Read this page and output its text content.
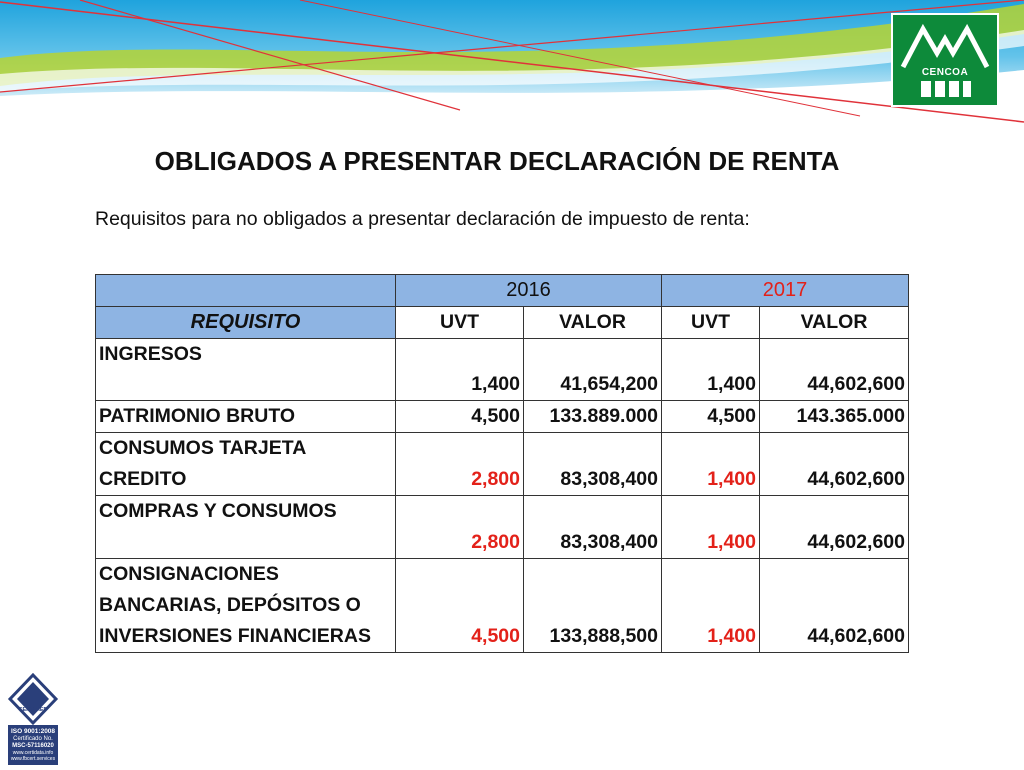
CENCOA
OBLIGADOS A PRESENTAR DECLARACIÓN DE RENTA
Requisitos para no obligados a presentar declaración de impuesto de renta:
	2016		2017	
REQUISITO	UVT	VALOR	UVT	VALOR
INGRESOS	1,400	41,654,200	1,400	44,602,600
PATRIMONIO BRUTO	4,500	133.889.000	4,500	143.365.000
CONSUMOS TARJETA CREDITO	2,800	83,308,400	1,400	44,602,600
COMPRAS Y CONSUMOS	2,800	83,308,400	1,400	44,602,600
CONSIGNACIONES BANCARIAS, DEPÓSITOS O INVERSIONES FINANCIERAS	4,500	133,888,500	1,400	44,602,600
CERTIFIED
ISO 9001:2008
Certificado No.
MSC-57116020
www.certidata.info
www.fbcert.services
